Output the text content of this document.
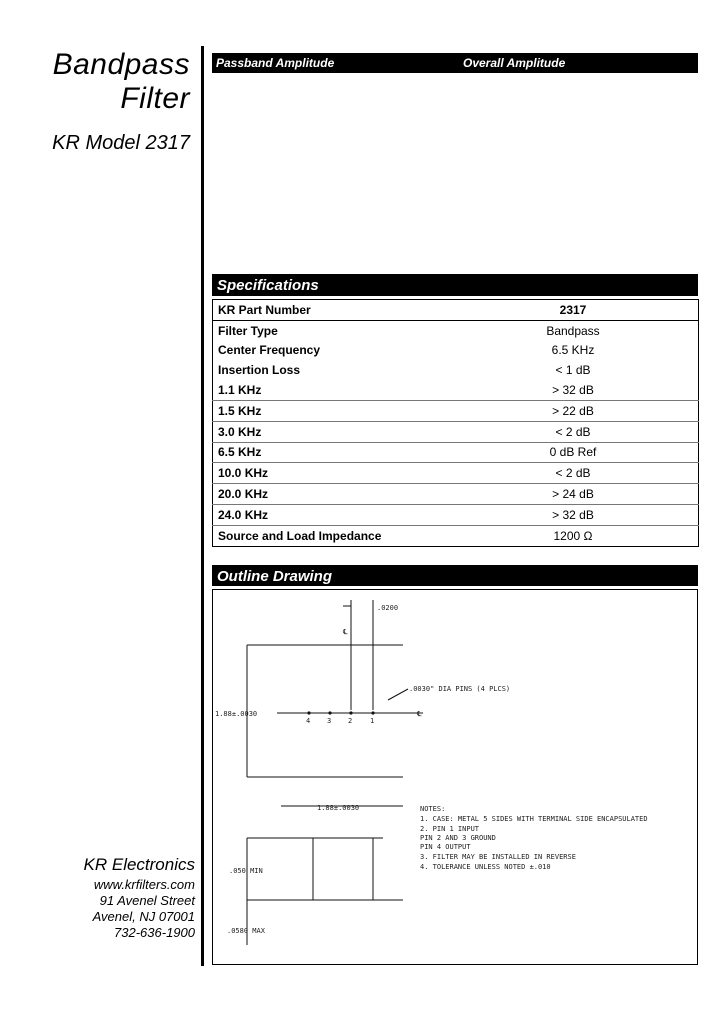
Bandpass
Filter
KR Model 2317
Passband Amplitude	Overall Amplitude
Specifications
KR Part Number	2317
Filter Type	Bandpass
Center Frequency	6.5 KHz
Insertion Loss	< 1 dB
1.1 KHz	> 32 dB
1.5 KHz	> 22 dB
3.0 KHz	< 2 dB
6.5 KHz	0 dB Ref
10.0 KHz	< 2 dB
20.0 KHz	> 24 dB
24.0 KHz	> 32 dB
Source and Load Impedance	1200 Ω
Outline Drawing
.0200
1.88±.0030
1.88±.0030
.0030" DIA PINS (4 PLCS)
4 3 2	1
℄
℄
.050 MIN
.0580 MAX
NOTES:
1. CASE: METAL 5 SIDES WITH TERMINAL SIDE ENCAPSULATED
2. PIN 1 INPUT
PIN 2 AND 3 GROUND
PIN 4 OUTPUT
3. FILTER MAY BE INSTALLED IN REVERSE
4. TOLERANCE UNLESS NOTED ±.010
KR Electronics
www.krfilters.com
91 Avenel Street
Avenel, NJ 07001
732-636-1900
